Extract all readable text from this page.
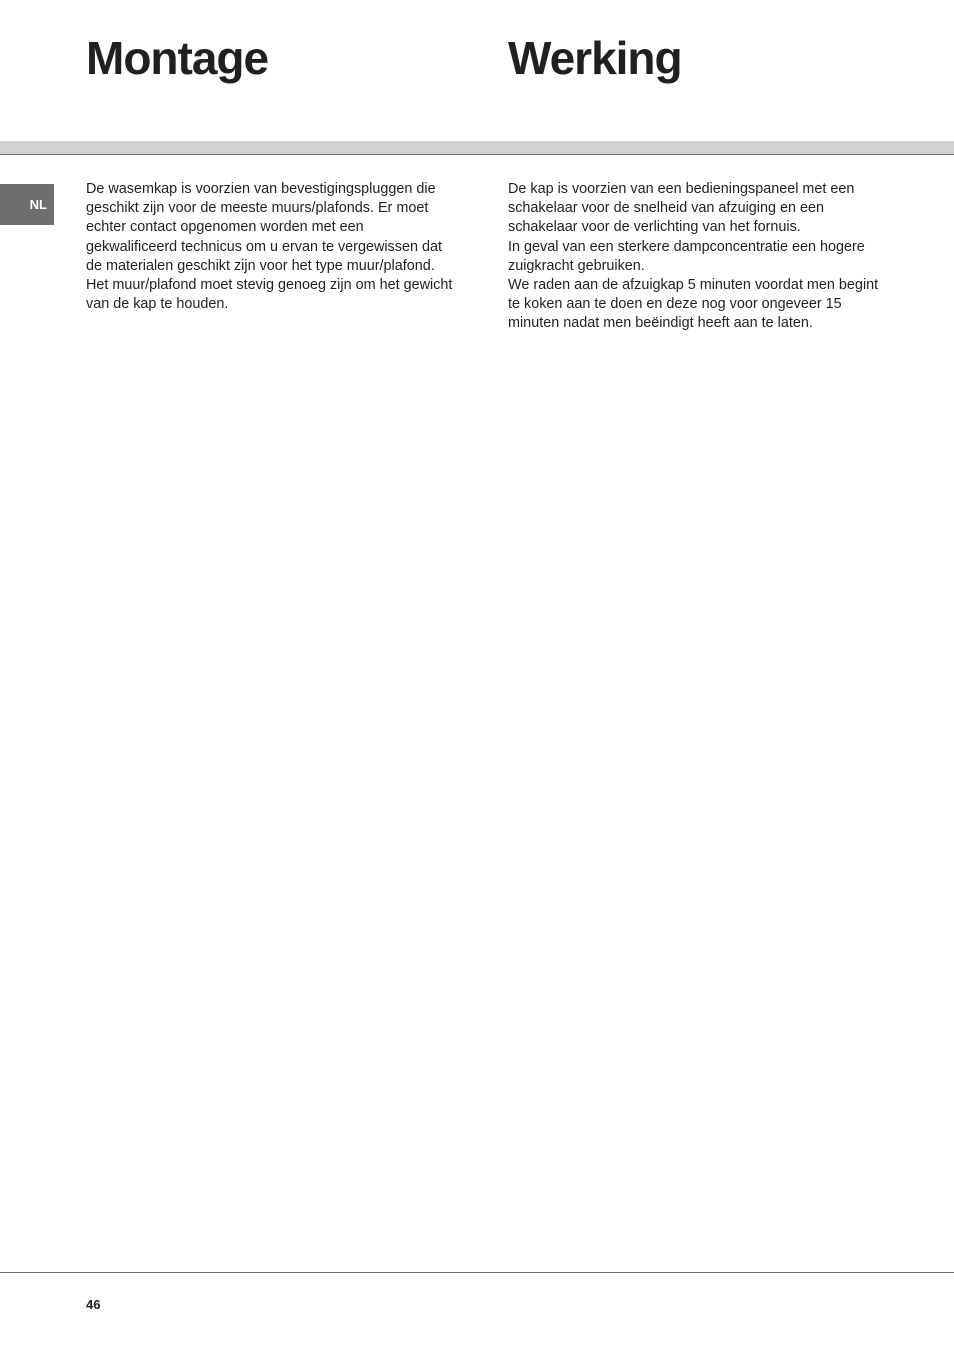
Montage	Werking
NL

De wasemkap is voorzien van bevestigingspluggen die geschikt zijn voor de meeste muurs/plafonds. Er moet echter contact opgenomen worden met een gekwalificeerd technicus om u ervan te vergewissen dat de materialen geschikt zijn voor het type muur/plafond. Het muur/plafond moet stevig genoeg zijn om het gewicht van de kap te houden.

De kap is voorzien van een bedieningspaneel met een schakelaar voor de snelheid van afzuiging en een schakelaar voor de verlichting van het fornuis.

In geval van een sterkere dampconcentratie een hogere zuigkracht gebruiken.

We raden aan de afzuigkap 5 minuten voordat men begint te koken aan te doen en deze nog voor ongeveer 15 minuten nadat men beëindigt heeft aan te laten.

46
